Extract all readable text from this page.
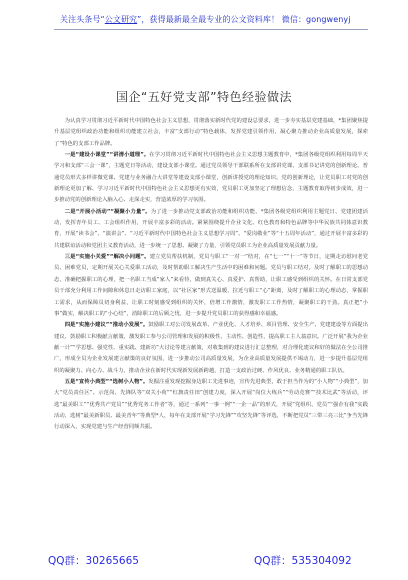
关注头条号“公文研究”，获得最新最全最专业的公文资料库！ 微信：gongwenyj
国企“五好党支部”特色经验做法

为认真学习贯彻习近平新时代中国特色社会主义思想，贯彻落实新时代党的建设总要求，进一步夯实基层党建基础，*集团聚焦提升基层党组织政治功能和组织功能建立社会，丰富“支部行动”特色载体，发挥党建引领作用，凝心聚力推动企业高质量发展，探索了“特色的支部工作品牌。

一是“建设小课堂”“讲清小道理”。在学习贯彻习近平新时代中国特色社会主义思想主题教育中，*集团各级党组织利用每周半天学习和支部“三会一课”，主题党日等活动，建设支部小课堂。通过党员领导干部联系所在支部讲党课、支部书记讲党的创新理论、普通党员形式多样讲微党课、党建与业务融合大讲堂等建设支部小课堂，创新讲授党的理论知识、党的创新理论，让党员职工对党的创新理论更加了解、学习习近平新时代中国特色社会主义思想更有实效，党员职工更加坚定了理想信念，主题教育取得初步成效，进一步推动党的创新理论入脑入心、走深走实，营造浓厚的学习氛围。

二是“开展小活动”“凝聚小力量”。为了进一步推动党支部政治功能和组织功能，*集团各级党组织利用主题党日、党建团建活动，发挥青年员工、工会组织作用，开展丰富多彩的活动。紧紧围绕提升企业文化、红色教育和特色品牌等中华民族共同体意识教育，开展“读书会”、“演讲会”、“习近平新时代中国特色社会主义思想学习周”、“爱岗敬业”等“十五周年活动”，通过开展丰富多彩的共建联谊活动和党团主义教育活动，进一步统一了思想、凝聚了力量，引领党员职工为企业高质量发展贡献力量。

三是“实施小关爱”“解决小问题”。建立党员帮扶机制，党员与职工“一对一”结对，在“七一”“十一”等节日，定期走访慰问老党员、困难党员，定期开展关心关爱职工活动，及时帮助职工解决生产生活中的困难和问题。党员与职工结对，及时了解职工的思想动态，准确把握职工的心理，把一名职工当成“家人”来看待，做到真关心、真爱护、真帮助，让职工感受到组织的关怀。在日常支部党员干部充分利用工作间隙和休息日走访职工家庭，以“社区家”形式送温暖，拉近与职工“心”距离，及时了解职工的心理动态，掌握职工需求，从而保障员切身利益，让职工时刻感受到组织的关怀，倍增工作激情，激发职工工作热情，凝聚职工的干劲。真正把“小事”做实，解决职工的“小心结”，消除职工的后顾之忧，进一步提升党员职工的获得感和幸福感。

四是“实施小建议”“推动小发展”。鼓励职工对公司发展改革、产业优化、人才培养、项目管理、安全生产、党建建设等方面提出建议，鼓励职工积极献言献策，激发职工参与公司管理和发展的积极性、主动性、创造性，提高职工主人翁意识。广泛开展“我为企业献一计”“学思想、强党性、重实践、建新功”大讨论等建言献策，对收集到的建议进行汇总整理，对合理化建议和好的做法在全公司推广，形成全员为企业发展建言献策的良好氛围，进一步推动公司高质量发展，为企业高质量发展提供不竭动力，进一步提升基层党组织的凝聚力、向心力、战斗力，推动企业在新时代实现新发展新跨越，打造一支政治过硬、作风优良、业务精通的职工队伍。

五是“宣传小典型”“选树小人物”。发掘注重发现挖掘身边职工先进事迹，宣传先进典型，敢于担当作为的“小人物”“小典型”，加大“党员责任区”、示范岗、先锋队等“双关小荷”“红旗责任田”创建力度，深入开展“岗位大练兵”“劳动竞赛”“技术比武”等活动，评选“最美职工”“优秀共产党员”“优秀党务工作者”等，通过一系列“一事一例”“一企一品”的形式，开展“党组织、党员”“强企有我”实践活动，选树“最美新职员、最美青年”等典型*人，每年在支部开展“学习先锋”“攻坚先锋”等评选，不断把党员“三带三亮三比”争当先锋行动深入，实现党建与生产经营同频共振。

QQ群：30265665	QQ群：535304092
